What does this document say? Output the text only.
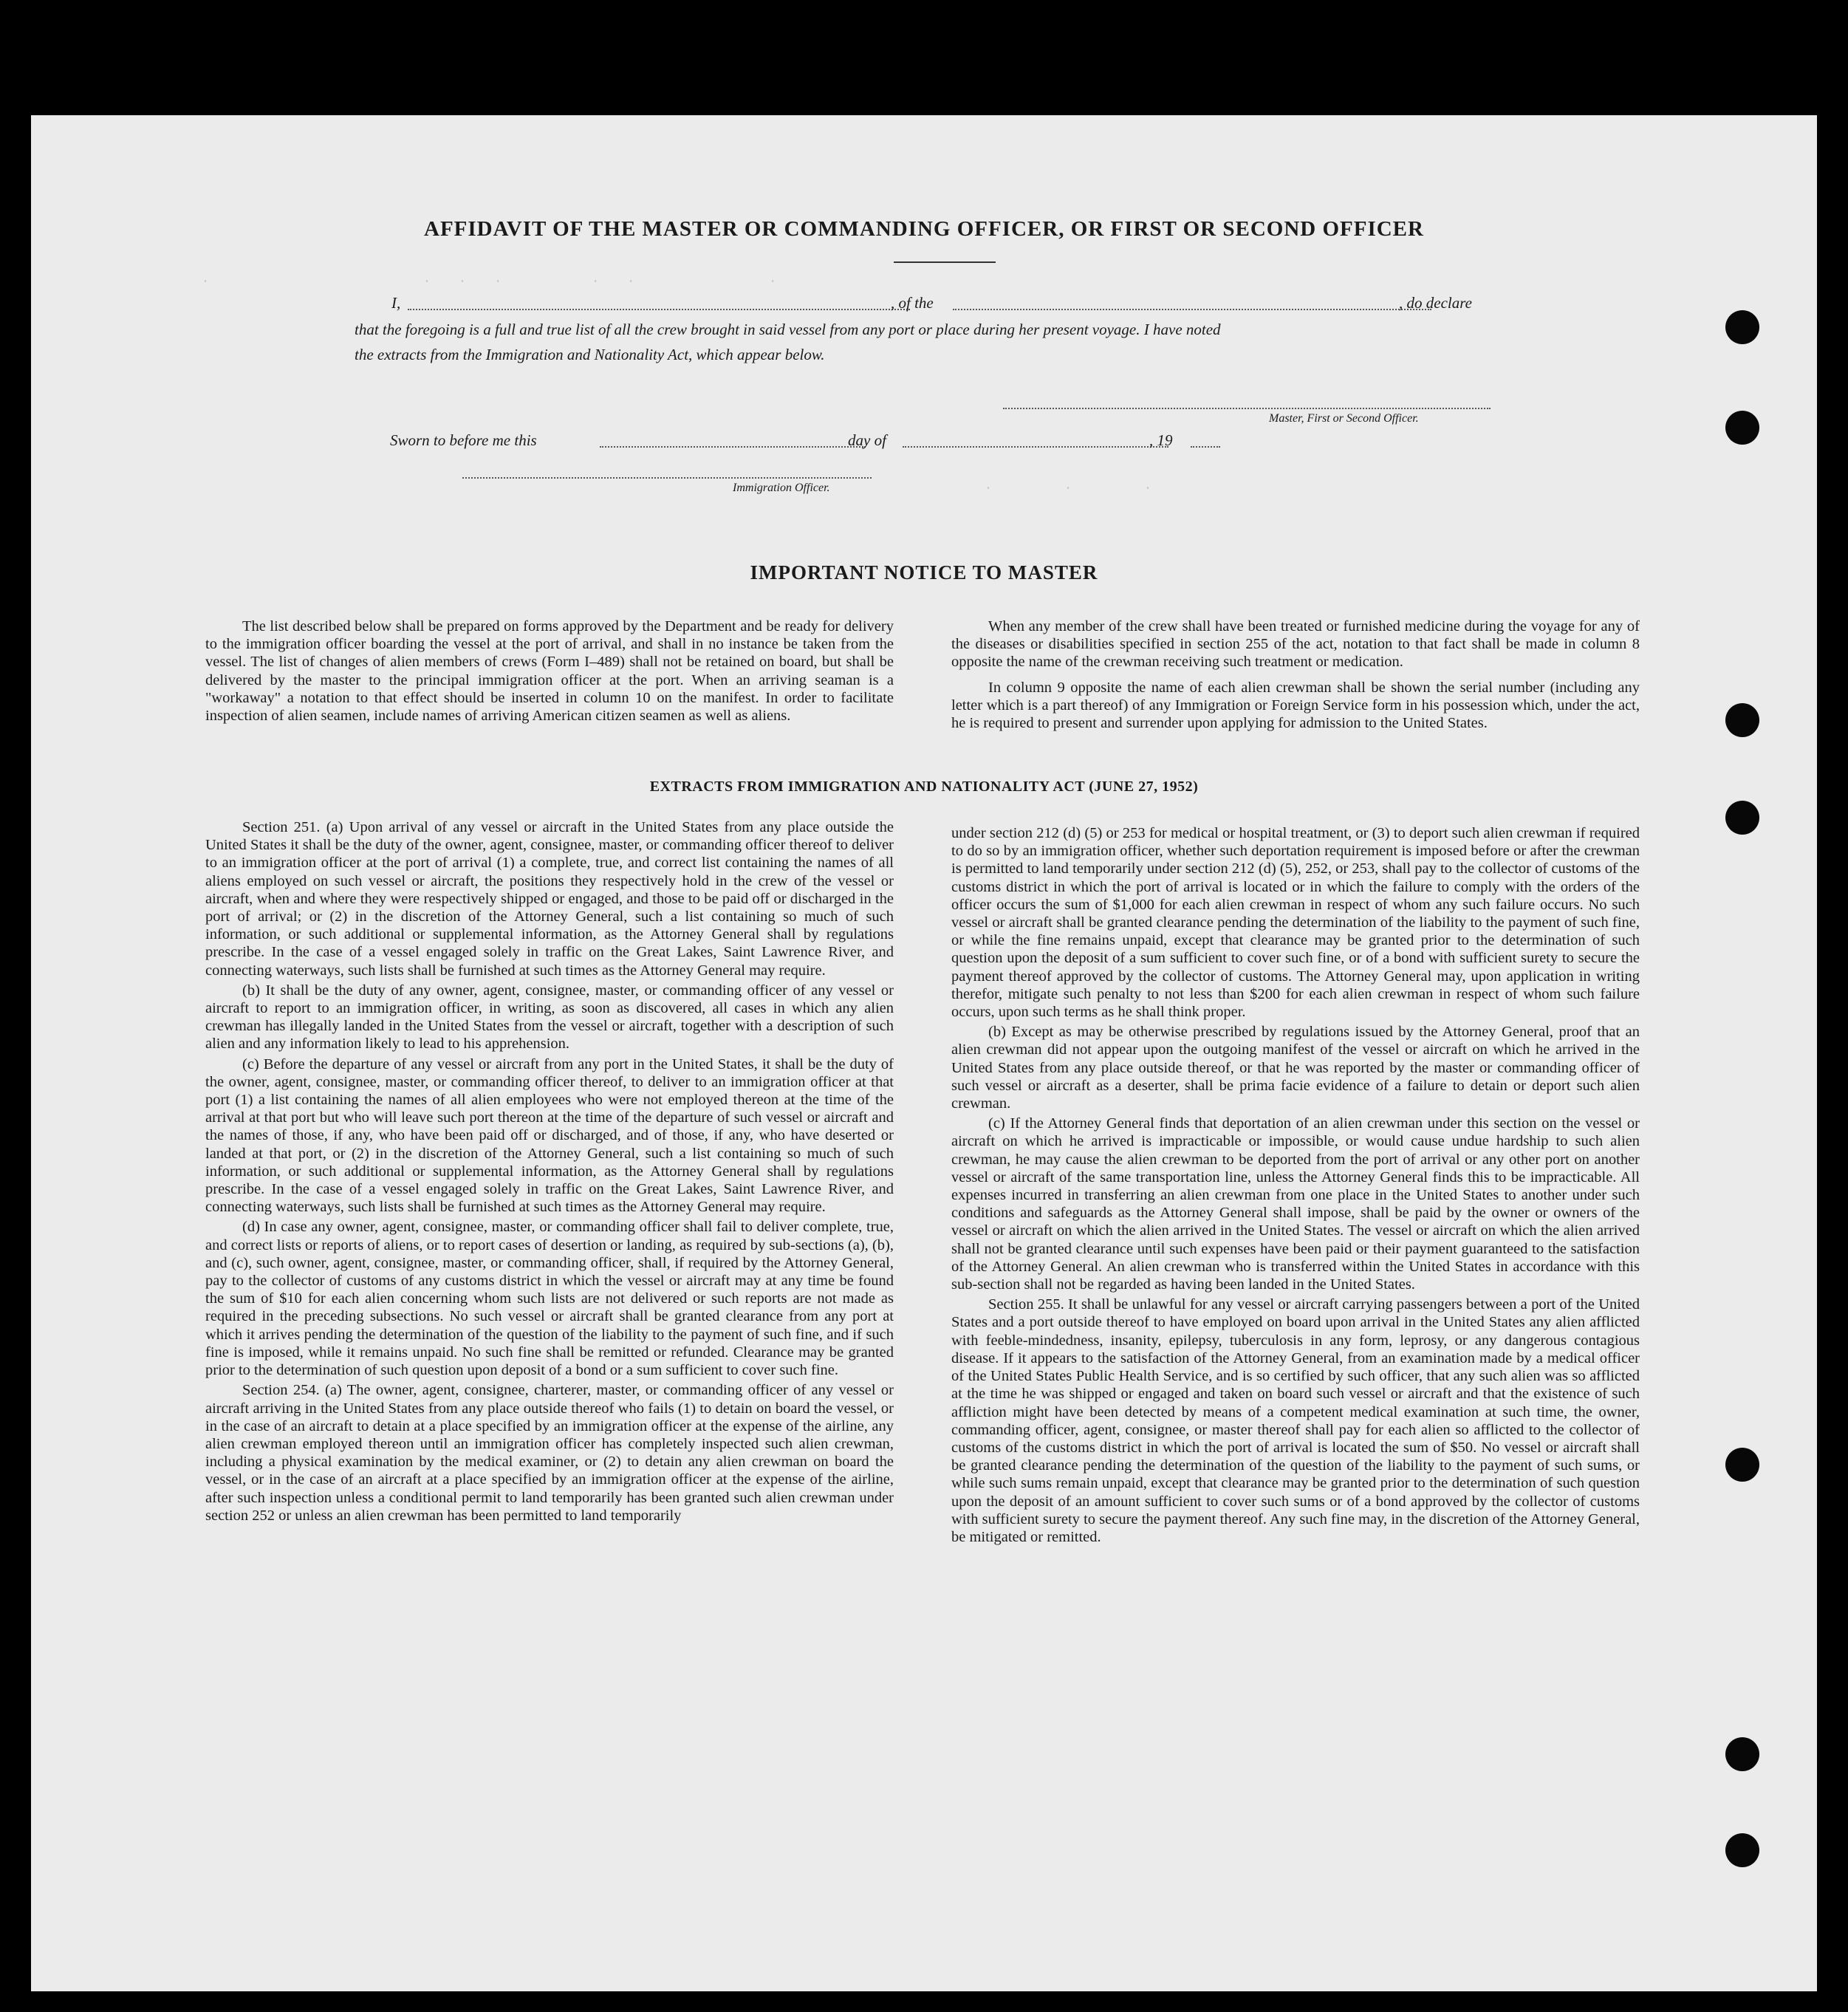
.                        .   .   .          .   .               .
.        .        .
AFFIDAVIT OF THE MASTER OR COMMANDING OFFICER, OR FIRST OR SECOND OFFICER
I,	, of the	, do declare
that the foregoing is a full and true list of all the crew brought in said vessel from any port or place during her present voyage. I have noted
the extracts from the Immigration and Nationality Act, which appear below.
Master, First or Second Officer.
Sworn to before me this	day of	, 19
Immigration Officer.
IMPORTANT NOTICE TO MASTER

The list described below shall be prepared on forms approved by the Department and be ready for delivery to the immigration officer boarding the vessel at the port of arrival, and shall in no instance be taken from the vessel. The list of changes of alien members of crews (Form I–489) shall not be retained on board, but shall be delivered by the master to the principal immigration officer at the port. When an arriving seaman is a "workaway" a notation to that effect should be inserted in column 10 on the manifest. In order to facilitate inspection of alien seamen, include names of arriving American citizen seamen as well as aliens.

When any member of the crew shall have been treated or furnished medicine during the voyage for any of the diseases or disabilities specified in section 255 of the act, notation to that fact shall be made in column 8 opposite the name of the crewman receiving such treatment or medication.

In column 9 opposite the name of each alien crewman shall be shown the serial number (including any letter which is a part thereof) of any Immigration or Foreign Service form in his possession which, under the act, he is required to present and surrender upon applying for admission to the United States.

EXTRACTS FROM IMMIGRATION AND NATIONALITY ACT (JUNE 27, 1952)

Section 251. (a) Upon arrival of any vessel or aircraft in the United States from any place outside the United States it shall be the duty of the owner, agent, consignee, master, or commanding officer thereof to deliver to an immigration officer at the port of arrival (1) a complete, true, and correct list containing the names of all aliens employed on such vessel or aircraft, the positions they respectively hold in the crew of the vessel or aircraft, when and where they were respectively shipped or engaged, and those to be paid off or discharged in the port of arrival; or (2) in the discretion of the Attorney General, such a list containing so much of such information, or such additional or supplemental information, as the Attorney General shall by regulations prescribe. In the case of a vessel engaged solely in traffic on the Great Lakes, Saint Lawrence River, and connecting waterways, such lists shall be furnished at such times as the Attorney General may require.

(b) It shall be the duty of any owner, agent, consignee, master, or commanding officer of any vessel or aircraft to report to an immigration officer, in writing, as soon as discovered, all cases in which any alien crewman has illegally landed in the United States from the vessel or aircraft, together with a description of such alien and any information likely to lead to his apprehension.

(c) Before the departure of any vessel or aircraft from any port in the United States, it shall be the duty of the owner, agent, consignee, master, or commanding officer thereof, to deliver to an immigration officer at that port (1) a list containing the names of all alien employees who were not employed thereon at the time of the arrival at that port but who will leave such port thereon at the time of the departure of such vessel or aircraft and the names of those, if any, who have been paid off or discharged, and of those, if any, who have deserted or landed at that port, or (2) in the discretion of the Attorney General, such a list containing so much of such information, or such additional or supplemental information, as the Attorney General shall by regulations prescribe. In the case of a vessel engaged solely in traffic on the Great Lakes, Saint Lawrence River, and connecting waterways, such lists shall be furnished at such times as the Attorney General may require.

(d) In case any owner, agent, consignee, master, or commanding officer shall fail to deliver complete, true, and correct lists or reports of aliens, or to report cases of desertion or landing, as required by sub-sections (a), (b), and (c), such owner, agent, consignee, master, or commanding officer, shall, if required by the Attorney General, pay to the collector of customs of any customs district in which the vessel or aircraft may at any time be found the sum of $10 for each alien concerning whom such lists are not delivered or such reports are not made as required in the preceding subsections. No such vessel or aircraft shall be granted clearance from any port at which it arrives pending the determination of the question of the liability to the payment of such fine, and if such fine is imposed, while it remains unpaid. No such fine shall be remitted or refunded. Clearance may be granted prior to the determination of such question upon deposit of a bond or a sum sufficient to cover such fine.

Section 254. (a) The owner, agent, consignee, charterer, master, or commanding officer of any vessel or aircraft arriving in the United States from any place outside thereof who fails (1) to detain on board the vessel, or in the case of an aircraft to detain at a place specified by an immigration officer at the expense of the airline, any alien crewman employed thereon until an immigration officer has completely inspected such alien crewman, including a physical examination by the medical examiner, or (2) to detain any alien crewman on board the vessel, or in the case of an aircraft at a place specified by an immigration officer at the expense of the airline, after such inspection unless a conditional permit to land temporarily has been granted such alien crewman under section 252 or unless an alien crewman has been permitted to land temporarily

under section 212 (d) (5) or 253 for medical or hospital treatment, or (3) to deport such alien crewman if required to do so by an immigration officer, whether such deportation requirement is imposed before or after the crewman is permitted to land temporarily under section 212 (d) (5), 252, or 253, shall pay to the collector of customs of the customs district in which the port of arrival is located or in which the failure to comply with the orders of the officer occurs the sum of $1,000 for each alien crewman in respect of whom any such failure occurs. No such vessel or aircraft shall be granted clearance pending the determination of the liability to the payment of such fine, or while the fine remains unpaid, except that clearance may be granted prior to the determination of such question upon the deposit of a sum sufficient to cover such fine, or of a bond with sufficient surety to secure the payment thereof approved by the collector of customs. The Attorney General may, upon application in writing therefor, mitigate such penalty to not less than $200 for each alien crewman in respect of whom such failure occurs, upon such terms as he shall think proper.

(b) Except as may be otherwise prescribed by regulations issued by the Attorney General, proof that an alien crewman did not appear upon the outgoing manifest of the vessel or aircraft on which he arrived in the United States from any place outside thereof, or that he was reported by the master or commanding officer of such vessel or aircraft as a deserter, shall be prima facie evidence of a failure to detain or deport such alien crewman.

(c) If the Attorney General finds that deportation of an alien crewman under this section on the vessel or aircraft on which he arrived is impracticable or impossible, or would cause undue hardship to such alien crewman, he may cause the alien crewman to be deported from the port of arrival or any other port on another vessel or aircraft of the same transportation line, unless the Attorney General finds this to be impracticable. All expenses incurred in transferring an alien crewman from one place in the United States to another under such conditions and safeguards as the Attorney General shall impose, shall be paid by the owner or owners of the vessel or aircraft on which the alien arrived in the United States. The vessel or aircraft on which the alien arrived shall not be granted clearance until such expenses have been paid or their payment guaranteed to the satisfaction of the Attorney General. An alien crewman who is transferred within the United States in accordance with this sub-section shall not be regarded as having been landed in the United States.

Section 255. It shall be unlawful for any vessel or aircraft carrying passengers between a port of the United States and a port outside thereof to have employed on board upon arrival in the United States any alien afflicted with feeble-mindedness, insanity, epilepsy, tuberculosis in any form, leprosy, or any dangerous contagious disease. If it appears to the satisfaction of the Attorney General, from an examination made by a medical officer of the United States Public Health Service, and is so certified by such officer, that any such alien was so afflicted at the time he was shipped or engaged and taken on board such vessel or aircraft and that the existence of such affliction might have been detected by means of a competent medical examination at such time, the owner, commanding officer, agent, consignee, or master thereof shall pay for each alien so afflicted to the collector of customs of the customs district in which the port of arrival is located the sum of $50. No vessel or aircraft shall be granted clearance pending the determination of the question of the liability to the payment of such sums, or while such sums remain unpaid, except that clearance may be granted prior to the determination of such question upon the deposit of an amount sufficient to cover such sums or of a bond approved by the collector of customs with sufficient surety to secure the payment thereof. Any such fine may, in the discretion of the Attorney General, be mitigated or remitted.
